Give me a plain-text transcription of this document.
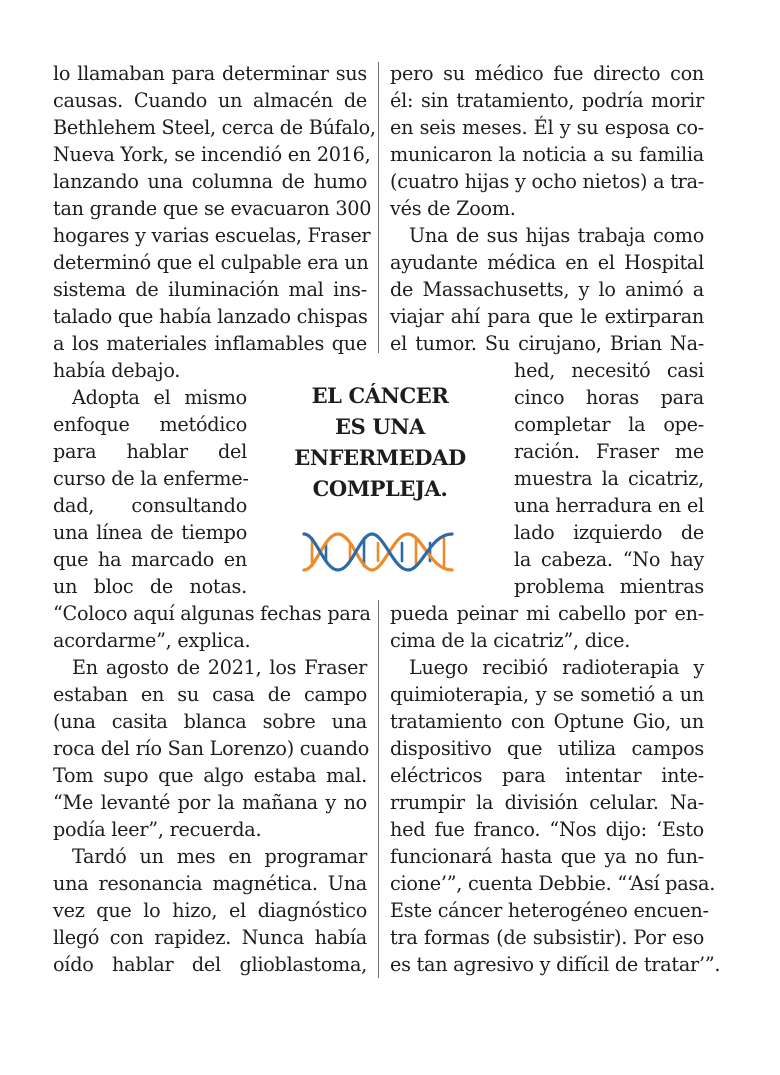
lo llamaban para determinar sus
causas. Cuando un almacén de
Bethlehem Steel, cerca de Búfalo,
Nueva York, se incendió en 2016,
lanzando una columna de humo
tan grande que se evacuaron 300
hogares y varias escuelas, Fraser
determinó que el culpable era un
sistema de iluminación mal ins-
talado que había lanzado chispas
a los materiales inflamables que
había debajo.
Adopta el mismo
enfoque metódico
para hablar del
curso de la enferme-
dad, consultando
una línea de tiempo
que ha marcado en
un bloc de notas.
“Coloco aquí algunas fechas para
acordarme”, explica.
En agosto de 2021, los Fraser
estaban en su casa de campo
(una casita blanca sobre una
roca del río San Lorenzo) cuando
Tom supo que algo estaba mal.
“Me levanté por la mañana y no
podía leer”, recuerda.
Tardó un mes en programar
una resonancia magnética. Una
vez que lo hizo, el diagnóstico
llegó con rapidez. Nunca había
oído hablar del glioblastoma,
pero su médico fue directo con
él: sin tratamiento, podría morir
en seis meses. Él y su esposa co-
municaron la noticia a su familia
(cuatro hijas y ocho nietos) a tra-
vés de Zoom.
Una de sus hijas trabaja como
ayudante médica en el Hospital
de Massachusetts, y lo animó a
viajar ahí para que le extirparan
el tumor. Su cirujano, Brian Na-
hed, necesitó casi
cinco horas para
completar la ope-
ración. Fraser me
muestra la cicatriz,
una herradura en el
lado izquierdo de
la cabeza. “No hay
problema mientras
pueda peinar mi cabello por en-
cima de la cicatriz”, dice.
Luego recibió radioterapia y
quimioterapia, y se sometió a un
tratamiento con Optune Gio, un
dispositivo que utiliza campos
eléctricos para intentar inte-
rrumpir la división celular. Na-
hed fue franco. “Nos dijo: ‘Esto
funcionará hasta que ya no fun-
cione’”, cuenta Debbie. “‘Así pasa.
Este cáncer heterogéneo encuen-
tra formas (de subsistir). Por eso
es tan agresivo y difícil de tratar’”.
EL CÁNCER
ES UNA
ENFERMEDAD
COMPLEJA.
